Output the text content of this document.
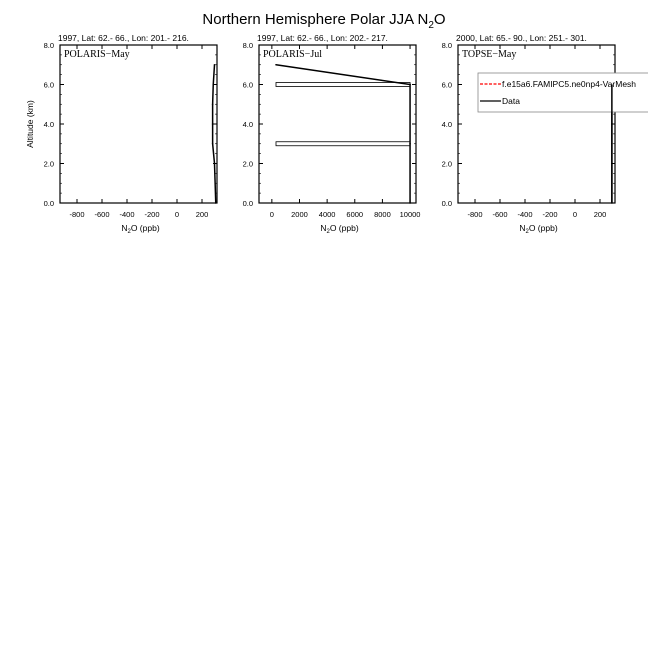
Northern Hemisphere Polar JJA $N_2O$
1997, Lat: 62.- 66., Lon: 201.- 216.
-800 -600 -400 -200 0 200
0.0
2.0
4.0
6.0
8.0
POLARIS−May
$N_2O$ (ppb)
Altitude (km)
1997, Lat: 62.- 66., Lon: 202.- 217.
0 2000 4000 6000 8000 10000
0.0
2.0
4.0
6.0
8.0
POLARIS−Jul
$N_2O$ (ppb)
2000, Lat: 65.- 90., Lon: 251.- 301.
-800 -600 -400 -200 0 200
0.0
2.0
4.0
6.0
8.0
TOPSE−May
$N_2O$ (ppb)
f.e15a6.FAMIPC5.ne0np4-VarMesh
Data
